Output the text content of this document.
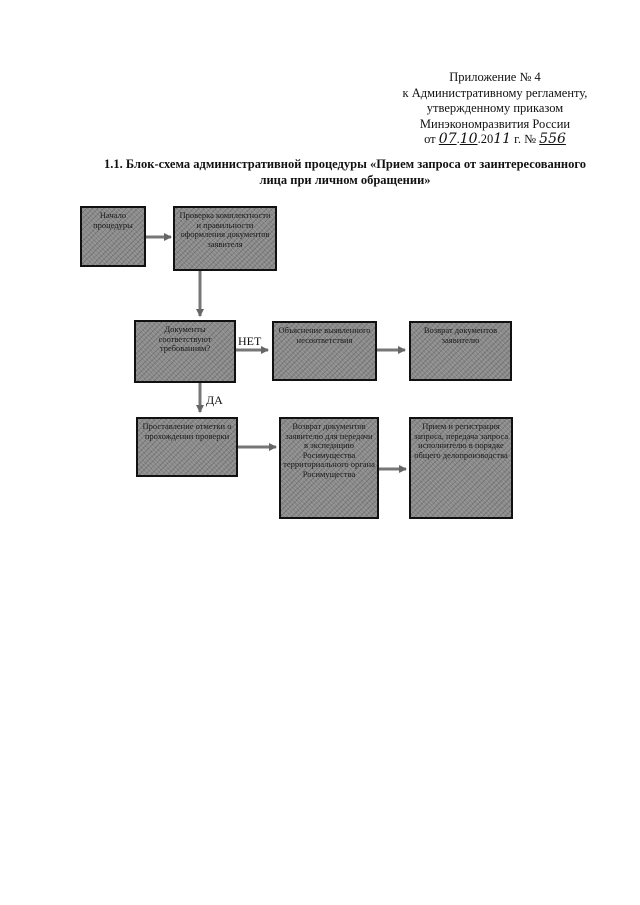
Приложение № 4
к Административному регламенту,
утвержденному приказом
Минэкономразвития России
от 07.10.2011 г. № 556
1.1. Блок-схема административной процедуры «Прием запроса от заинтересованного
лица при личном обращении»
Начало процедуры
Проверка комплектности и правильности оформления документов заявителя
Документы соответствуют требованиям?
Объяснение выявленного несоответствия
Возврат документов заявителю
Проставление отметки о прохождении проверки
Возврат документов заявителю для передачи в экспедицию Росимущества территориального органа Росимущества
Прием и регистрация запроса, передача запроса исполнителю в порядке общего делопроизводства
НЕТ
ДА
